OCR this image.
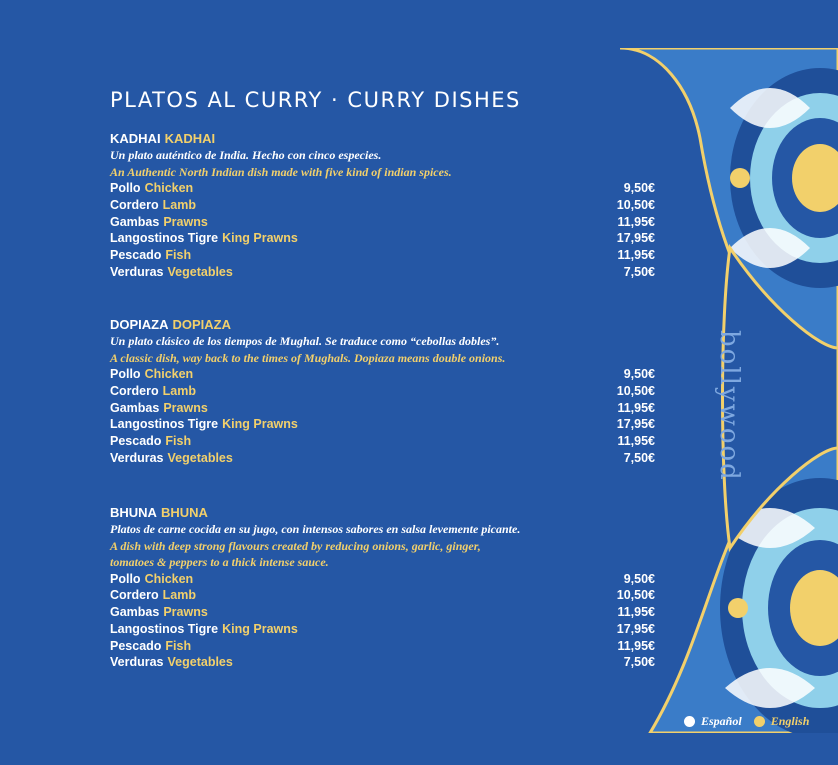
PLATOS AL CURRY · CURRY DISHES
KADHAI KADHAI
Un plato auténtico de India. Hecho con cinco especies.
An Authentic North Indian dish made with five kind of indian spices.
Pollo Chicken	9,50€
Cordero Lamb	10,50€
Gambas Prawns	11,95€
Langostinos Tigre King Prawns	17,95€
Pescado Fish	11,95€
Verduras Vegetables	7,50€
DOPIAZA DOPIAZA
Un plato clásico de los tiempos de Mughal. Se traduce como “cebollas dobles”.
A classic dish, way back to the times of Mughals. Dopiaza means double onions.
Pollo Chicken	9,50€
Cordero Lamb	10,50€
Gambas Prawns	11,95€
Langostinos Tigre King Prawns	17,95€
Pescado Fish	11,95€
Verduras Vegetables	7,50€
BHUNA BHUNA
Platos de carne cocida en su jugo, con intensos sabores en salsa levemente picante.
A dish with deep strong flavours created by reducing onions, garlic, ginger,
tomatoes & peppers to a thick intense sauce.
Pollo Chicken	9,50€
Cordero Lamb	10,50€
Gambas Prawns	11,95€
Langostinos Tigre King Prawns	17,95€
Pescado Fish	11,95€
Verduras Vegetables	7,50€
bollywood
Español English
